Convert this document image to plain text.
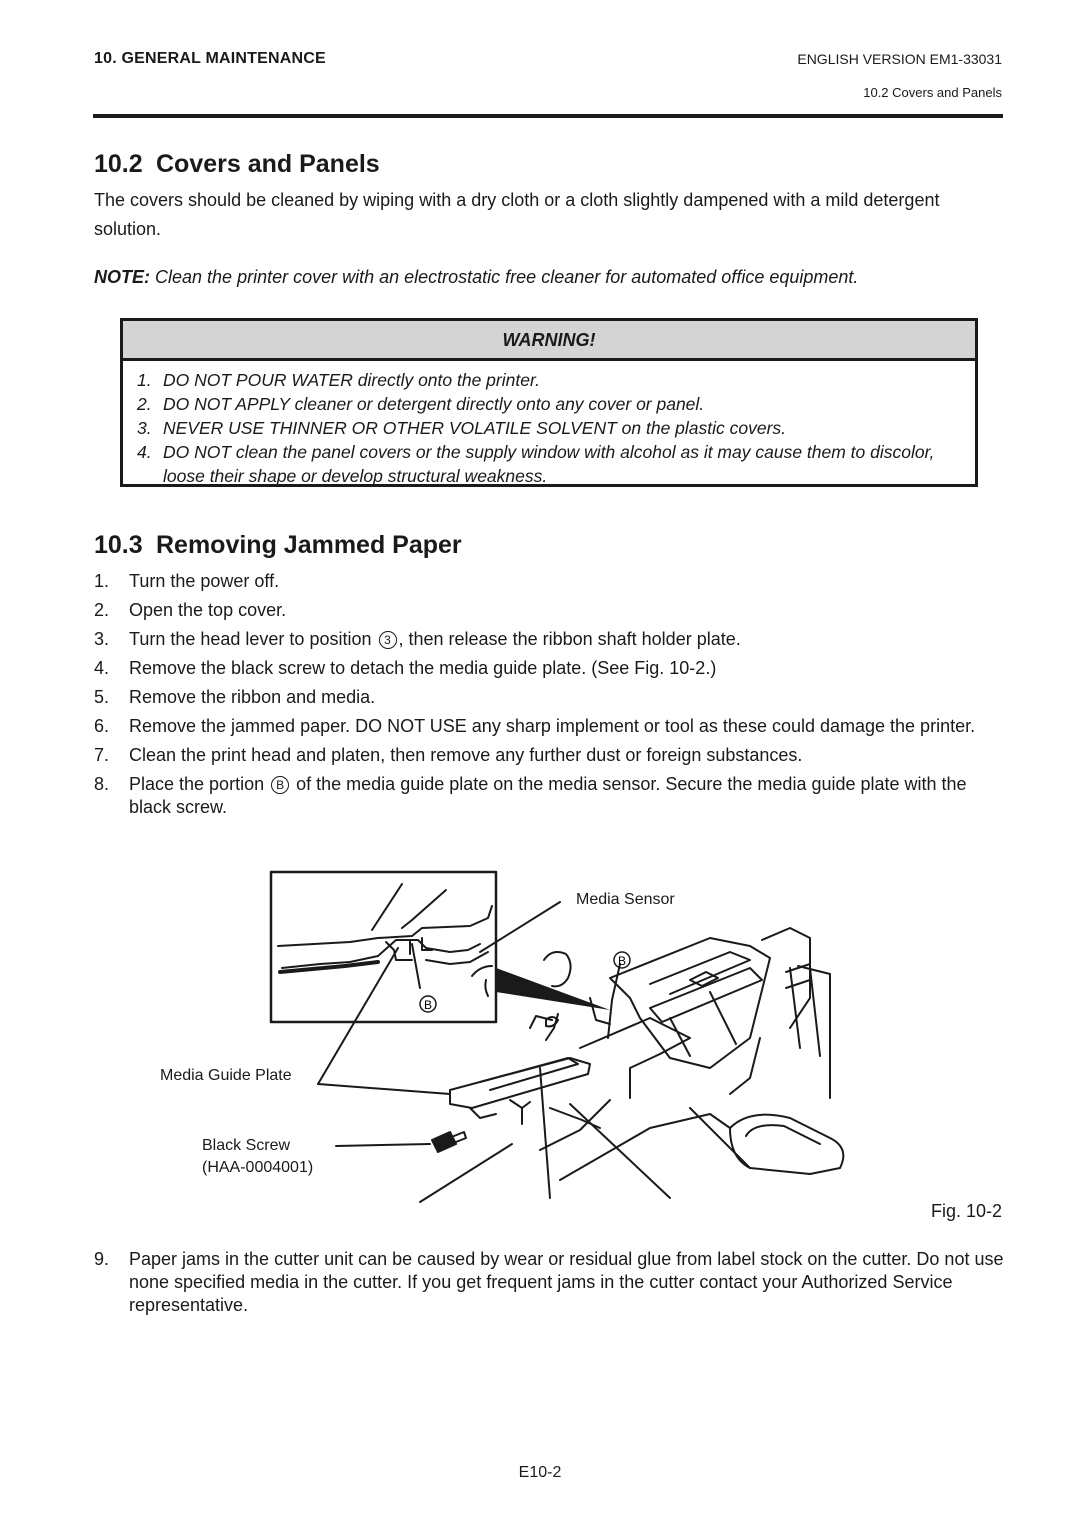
10. GENERAL MAINTENANCE	ENGLISH VERSION EM1-33031
10.2 Covers and Panels
10.2 Covers and Panels
The covers should be cleaned by wiping with a dry cloth or a cloth slightly dampened with a mild detergent solution.
NOTE: Clean the printer cover with an electrostatic free cleaner for automated office equipment.
WARNING!
1. DO NOT POUR WATER directly onto the printer.
2. DO NOT APPLY cleaner or detergent directly onto any cover or panel.
3. NEVER USE THINNER OR OTHER VOLATILE SOLVENT on the plastic covers.
4. DO NOT clean the panel covers or the supply window with alcohol as it may cause them to discolor, loose their shape or develop structural weakness.
10.3 Removing Jammed Paper
1.	Turn the power off.
2.	Open the top cover.
3.	Turn the head lever to position 3 , then release the ribbon shaft holder plate.
4.	Remove the black screw to detach the media guide plate. (See Fig. 10-2.)
5.	Remove the ribbon and media.
6.	Remove the jammed paper. DO NOT USE any sharp implement or tool as these could damage the printer.
7.	Clean the print head and platen, then remove any further dust or foreign substances.
8.	Place the portion B of the media guide plate on the media sensor. Secure the media guide plate with the black screw.
B
B
Media Sensor
Media Guide Plate
Black Screw
(HAA-0004001)
Fig. 10-2
9.	Paper jams in the cutter unit can be caused by wear or residual glue from label stock on the cutter. Do not use none specified media in the cutter. If you get frequent jams in the cutter contact your Authorized Service representative.
E10-2
